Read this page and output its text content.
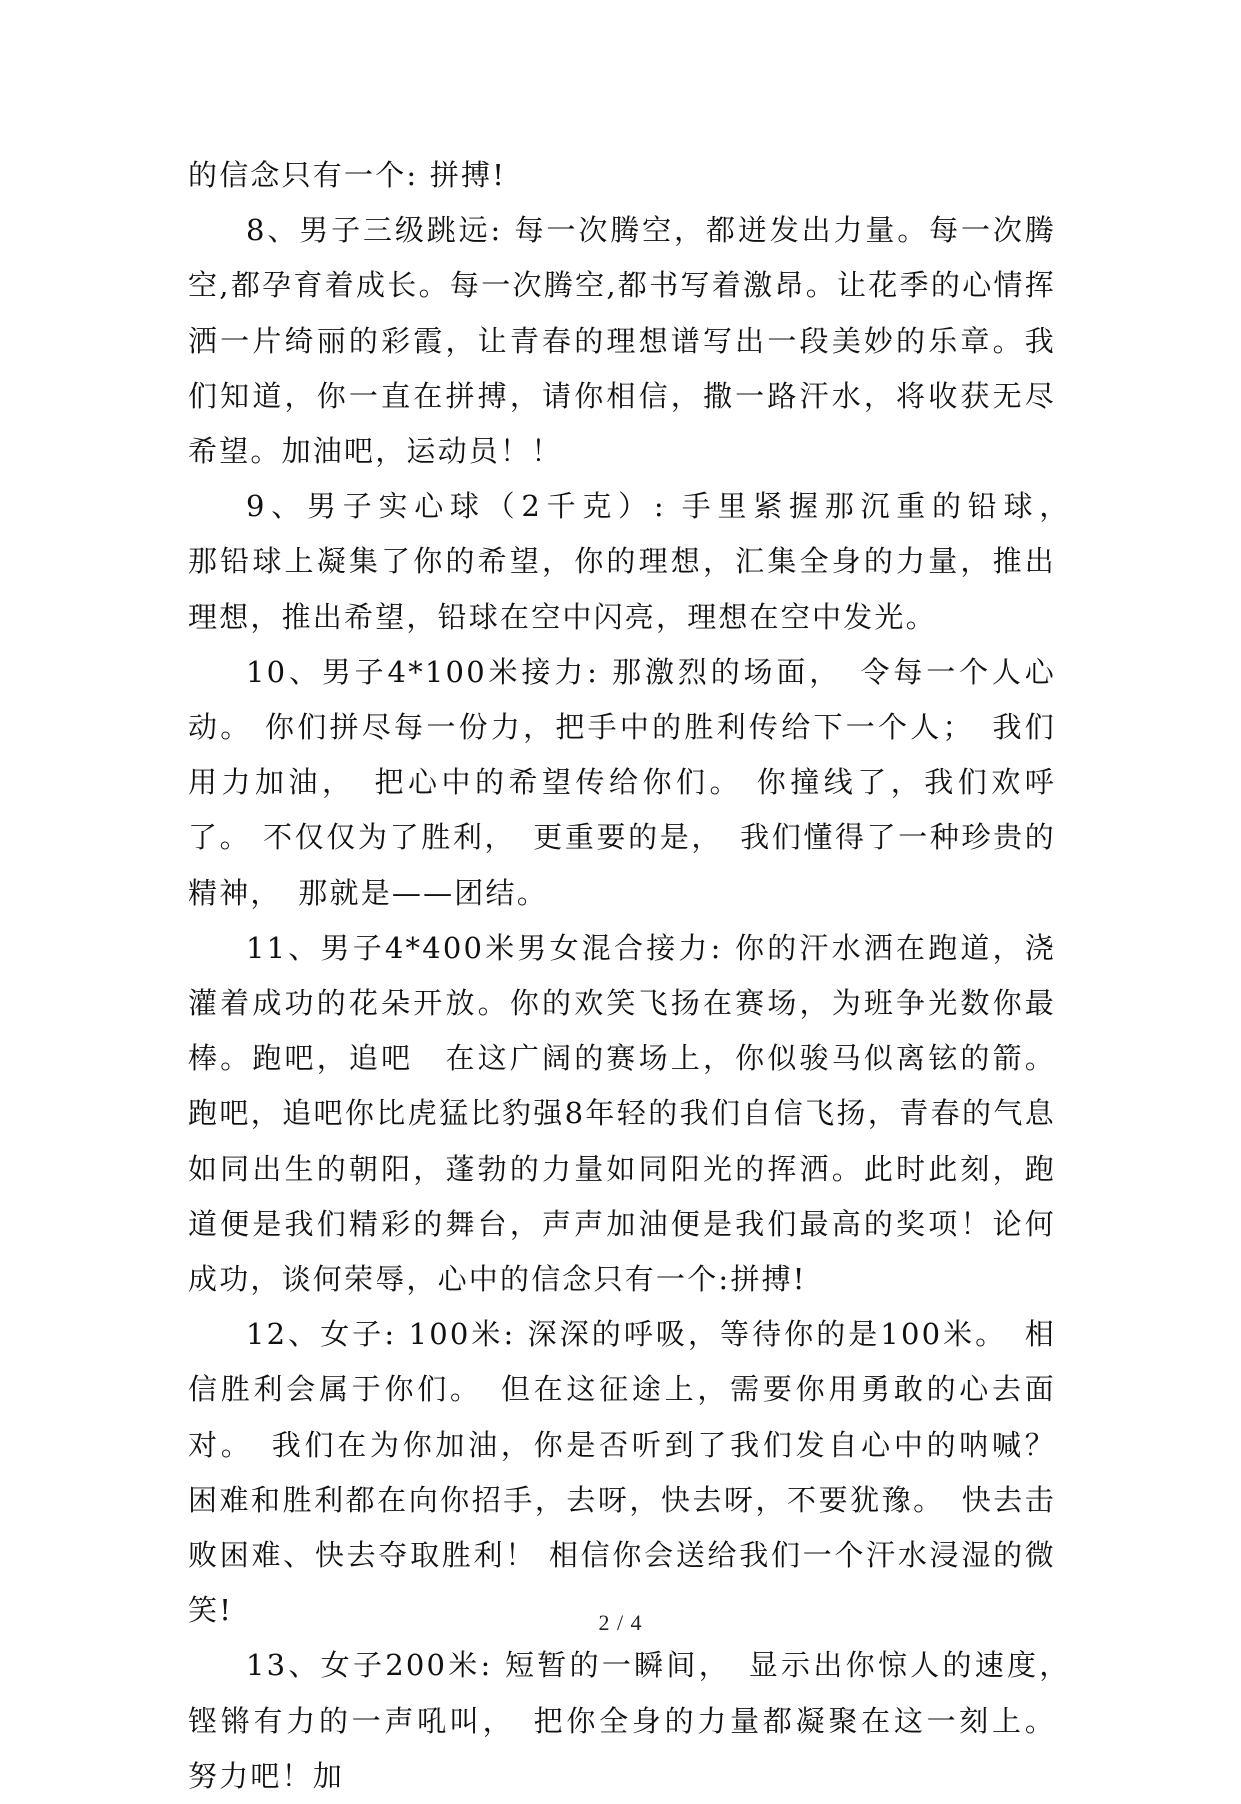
的信念只有一个: 拼搏!

8、男子三级跳远: 每一次腾空，都迸发出力量。每一次腾空,都孕育着成长。每一次腾空,都书写着激昂。让花季的心情挥洒一片绮丽的彩霞，让青春的理想谱写出一段美妙的乐章。我们知道，你一直在拼搏，请你相信，撒一路汗水，将收获无尽希望。加油吧，运动员！！

9、男子实心球（2千克）: 手里紧握那沉重的铅球，　　　那铅球上凝集了你的希望，你的理想，汇集全身的力量，推出理想，推出希望，铅球在空中闪亮，理想在空中发光。

10、男子4*100米接力: 那激烈的场面，　令每一个人心动。 你们拼尽每一份力，把手中的胜利传给下一个人；　我们用力加油，　把心中的希望传给你们。 你撞线了，我们欢呼了。 不仅仅为了胜利，　更重要的是，　我们懂得了一种珍贵的精神，　那就是——团结。

11、男子4*400米男女混合接力: 你的汗水洒在跑道，浇灌着成功的花朵开放。你的欢笑飞扬在赛场，为班争光数你最棒。跑吧，追吧　在这广阔的赛场上，你似骏马似离铉的箭。跑吧，追吧你比虎猛比豹强8年轻的我们自信飞扬，青春的气息如同出生的朝阳，蓬勃的力量如同阳光的挥洒。此时此刻，跑道便是我们精彩的舞台，声声加油便是我们最高的奖项！论何成功，谈何荣辱，心中的信念只有一个:拼搏!

12、女子: 100米: 深深的呼吸，等待你的是100米。　相信胜利会属于你们。　但在这征途上，需要你用勇敢的心去面对。　我们在为你加油，你是否听到了我们发自心中的呐喊？ 困难和胜利都在向你招手，去呀，快去呀，不要犹豫。　快去击败困难、快去夺取胜利！ 相信你会送给我们一个汗水浸湿的微笑!

13、女子200米: 短暂的一瞬间，　显示出你惊人的速度，　铿锵有力的一声吼叫，　把你全身的力量都凝聚在这一刻上。 努力吧！加

2 / 4
